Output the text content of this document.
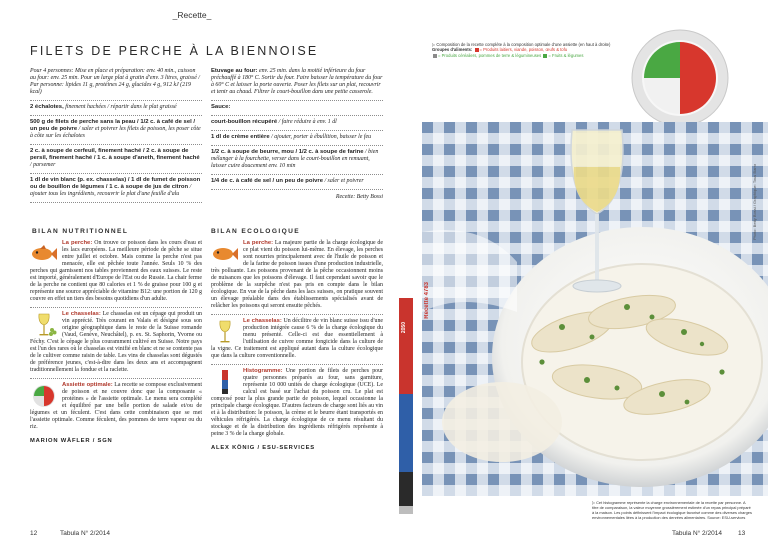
_Recette_
FILETS DE PERCHE À LA BIENNOISE	▷ Composition de la recette complète à la composition optimale d'une assiette (en haut à droite)
Groupes d'aliments: = Produits laitiers, viande, poisson, œufs & tofu
= Produits céréaliers, pommes de terre & légumineuses = Fruits & légumes
Pour 4 personnes: Mise en place et préparation: env. 40 min., cuisson au four: env. 25 min. Pour un large plat à gratin d'env. 3 litres, graissé / Par personne: lipides 11 g, protéines 24 g, glucides 4 g, 912 kJ (219 kcal)
2 échalotes, finement hachées / répartir dans le plat graissé
500 g de filets de perche sans la peau / 1/2 c. à café de sel / un peu de poivre / saler et poivrer les filets de poisson, les poser côte à côte sur les échalotes
2 c. à soupe de cerfeuil, finement haché / 2 c. à soupe de persil, finement haché / 1 c. à soupe d'aneth, finement haché / parsemer
1 dl de vin blanc (p. ex. chasselas) / 1 dl de fumet de poisson ou de bouillon de légumes / 1 c. à soupe de jus de citron / ajouter tous les ingrédients, recouvrir le plat d'une feuille d'alu
Etuvage au four: env. 25 min. dans la moitié inférieure du four préchauffé à 180° C. Sortir du four. Faire baisser la température du four à 60° C et laisser la porte ouverte. Poser les filets sur un plat, recouvrir et tenir au chaud. Filtrer le court-bouillon dans une petite casserole.
Sauce:
court-bouillon récupéré / faire réduire à env. 1 dl
1 dl de crème entière / ajouter, porter à ébullition, baisser le feu
1/2 c. à soupe de beurre, mou / 1/2 c. à soupe de farine / bien mélanger à la fourchette, verser dans le court-bouillon en remuant, laisser cuire doucement env. 10 min
1/4 de c. à café de sel / un peu de poivre / saler et poivrer
Recette: Betty Bossi
BILAN NUTRITIONNEL	BILAN ECOLOGIQUE

La perche: On trouve ce poisson dans les cours d'eau et les lacs européens. La meilleure période de pêche se situe entre juillet et octobre. Mais comme la perche n'est pas menacée, elle est pêchée toute l'année. Seuls 10 % des perches qui garnissent nos tables proviennent des eaux suisses. Le reste est importé, généralement d'Europe de l'Est ou de Russie. La chair ferme de la perche ne contient que 80 calories et 1 % de graisse pour 100 g et représente une source appréciable de vitamine B12: une portion de 120 g couvre en effet un tiers des besoins quotidiens d'un adulte.

Le chasselas: Le chasselas est un cépage qui produit un vin apprécié. Très courant en Valais et désigné sous son origine géographique dans le reste de la Suisse romande (Vaud, Genève, Neuchâtel), p. ex. St. Saphorin, Yvorne ou Féchy. C'est le cépage le plus couramment cultivé en Suisse. Notre pays est l'un des rares où le chasselas est vinifié en blanc et ne se contente pas de le cultiver comme raisin de table. Les vins de chasselas sont dégustés de préférence jeunes, c'est-à-dire dans les deux ans et accompagnent traditionnellement la fondue et la raclette.

Assiette optimale: La recette se compose exclusivement de poisson et ne couvre donc que la composante « protéines » de l'assiette optimale. Le menu sera complété et équilibré par une belle portion de salade et/ou de légumes et un féculent. C'est dans cette combinaison que se met l'assiette optimale. Comme féculent, des pommes de terre vapeur ou du riz.

MARION WÄFLER / SGN

La perche: La majeure partie de la charge écologique de ce plat vient du poisson lui-même. En élevage, les perches sont nourries principalement avec de l'huile de poisson et de la farine de poisson issues d'une production industrielle, très polluante. Les poissons provenant de la pêche occasionnent moins de nuisances que les poissons d'élevage. Il faut cependant savoir que le problème de la surpêche n'est pas pris en compte dans le bilan écologique. En vue de la pêche dans les lacs suisses, on pratique souvent un élevage préalable dans des établissements spécialisés avant de relâcher les poissons qui seront ensuite pêchés.

Le chasselas: Un décilitre de vin blanc suisse issu d'une production intégrée cause 6 % de la charge écologique du menu présenté. Celle-ci est due essentiellement à l'utilisation de cuivre comme fongicide dans la culture de la vigne. Ce traitement est appliqué autant dans la culture écologique que dans la culture conventionnelle.

Histogramme: Une portion de filets de perches pour quatre personnes préparés au four, sans garniture, représente 10 000 unités de charge écologique (UCE). Le calcul est basé sur l'achat du poisson cru. Le plat est composé pour la plus grande partie de poisson, lequel occasionne la principale charge écologique. D'autres facteurs de charge sont liés au vin et à la distribution: le poisson, la crème et le beurre étant transportés en véhicules réfrigérés. La charge écologique de ce menu résultant du stockage et de la distribution des ingrédients réfrigérés représente à peine 3 % de la charge globale.

ALEX KÖNIG / ESU-SERVICES
Recette 4783
2050
Photo: Betty Bossi / Graphique: Tous Barro
▷ Cet histogramme représente la charge environnementale de la recette par personne. A titre de comparaison, la valeur moyenne grossièrement estimée d'un repas principal préparé à la maison. Les points définissent l'impact écologique favorisé comme des diverses charges environnementales liées à la production des denrées alimentaires. Source: ESU-services
12	Tabula N° 2/2014	Tabula N° 2/2014 13
